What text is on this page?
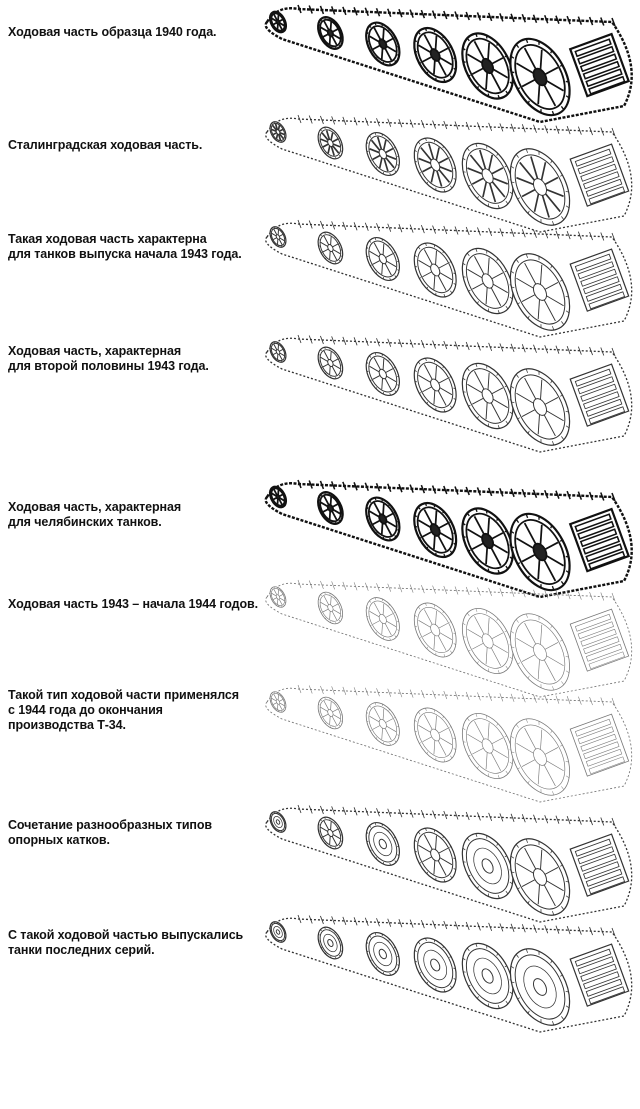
Ходовая часть образца 1940 года.
Сталинградская ходовая часть.
Такая ходовая часть характерна
для танков выпуска начала 1943 года.
Ходовая часть, характерная
для второй половины 1943 года.
Ходовая часть, характерная
для челябинских танков.
Ходовая часть 1943 – начала 1944 годов.
Такой тип ходовой части применялся
с 1944 года до окончания
производства Т-34.
Сочетание разнообразных типов
опорных катков.
С такой ходовой частью выпускались
танки последних серий.
